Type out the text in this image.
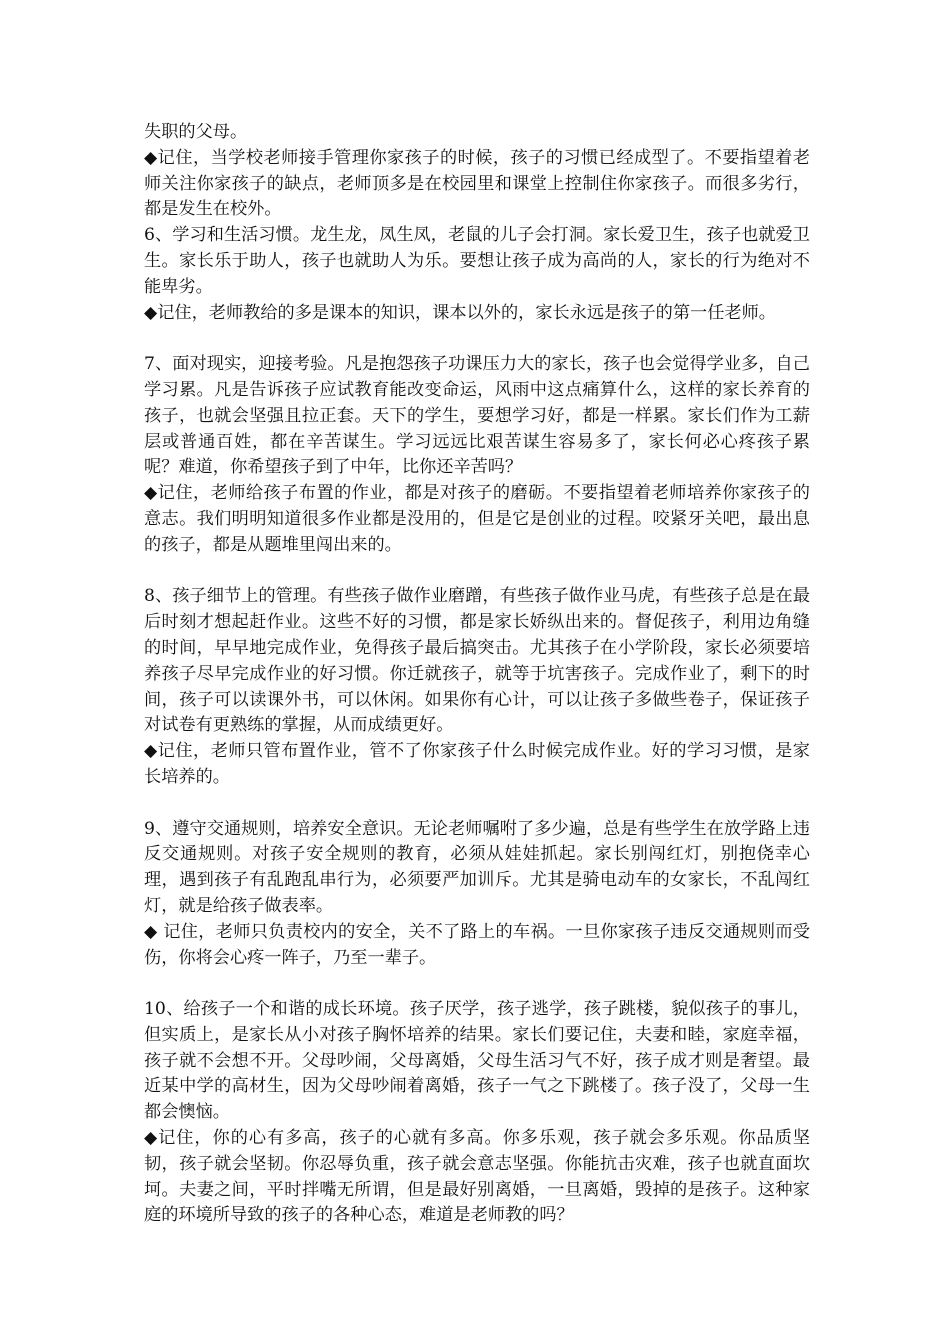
失职的父母。

◆记住，当学校老师接手管理你家孩子的时候，孩子的习惯已经成型了。不要指望着老师关注你家孩子的缺点，老师顶多是在校园里和课堂上控制住你家孩子。而很多劣行，都是发生在校外。

6、学习和生活习惯。龙生龙，凤生凤，老鼠的儿子会打洞。家长爱卫生，孩子也就爱卫生。家长乐于助人，孩子也就助人为乐。要想让孩子成为高尚的人，家长的行为绝对不能卑劣。

◆记住，老师教给的多是课本的知识，课本以外的，家长永远是孩子的第一任老师。

7、面对现实，迎接考验。凡是抱怨孩子功课压力大的家长，孩子也会觉得学业多，自己学习累。凡是告诉孩子应试教育能改变命运，风雨中这点痛算什么，这样的家长养育的孩子，也就会坚强且拉正套。天下的学生，要想学习好，都是一样累。家长们作为工薪层或普通百姓，都在辛苦谋生。学习远远比艰苦谋生容易多了，家长何必心疼孩子累呢？难道，你希望孩子到了中年，比你还辛苦吗？

◆记住，老师给孩子布置的作业，都是对孩子的磨砺。不要指望着老师培养你家孩子的意志。我们明明知道很多作业都是没用的，但是它是创业的过程。咬紧牙关吧，最出息的孩子，都是从题堆里闯出来的。

8、孩子细节上的管理。有些孩子做作业磨蹭，有些孩子做作业马虎，有些孩子总是在最后时刻才想起赶作业。这些不好的习惯，都是家长娇纵出来的。督促孩子，利用边角缝的时间，早早地完成作业，免得孩子最后搞突击。尤其孩子在小学阶段，家长必须要培养孩子尽早完成作业的好习惯。你迁就孩子，就等于坑害孩子。完成作业了，剩下的时间，孩子可以读课外书，可以休闲。如果你有心计，可以让孩子多做些卷子，保证孩子对试卷有更熟练的掌握，从而成绩更好。

◆记住，老师只管布置作业，管不了你家孩子什么时候完成作业。好的学习习惯，是家长培养的。

9、遵守交通规则，培养安全意识。无论老师嘱咐了多少遍，总是有些学生在放学路上违反交通规则。对孩子安全规则的教育，必须从娃娃抓起。家长别闯红灯，别抱侥幸心理，遇到孩子有乱跑乱串行为，必须要严加训斥。尤其是骑电动车的女家长，不乱闯红灯，就是给孩子做表率。

◆ 记住，老师只负责校内的安全，关不了路上的车祸。一旦你家孩子违反交通规则而受伤，你将会心疼一阵子，乃至一辈子。

10、给孩子一个和谐的成长环境。孩子厌学，孩子逃学，孩子跳楼，貌似孩子的事儿，但实质上，是家长从小对孩子胸怀培养的结果。家长们要记住，夫妻和睦，家庭幸福，孩子就不会想不开。父母吵闹，父母离婚，父母生活习气不好，孩子成才则是奢望。最近某中学的高材生，因为父母吵闹着离婚，孩子一气之下跳楼了。孩子没了，父母一生都会懊恼。

◆记住，你的心有多高，孩子的心就有多高。你多乐观，孩子就会多乐观。你品质坚韧，孩子就会坚韧。你忍辱负重，孩子就会意志坚强。你能抗击灾难，孩子也就直面坎坷。夫妻之间，平时拌嘴无所谓，但是最好别离婚，一旦离婚，毁掉的是孩子。这种家庭的环境所导致的孩子的各种心态，难道是老师教的吗？
